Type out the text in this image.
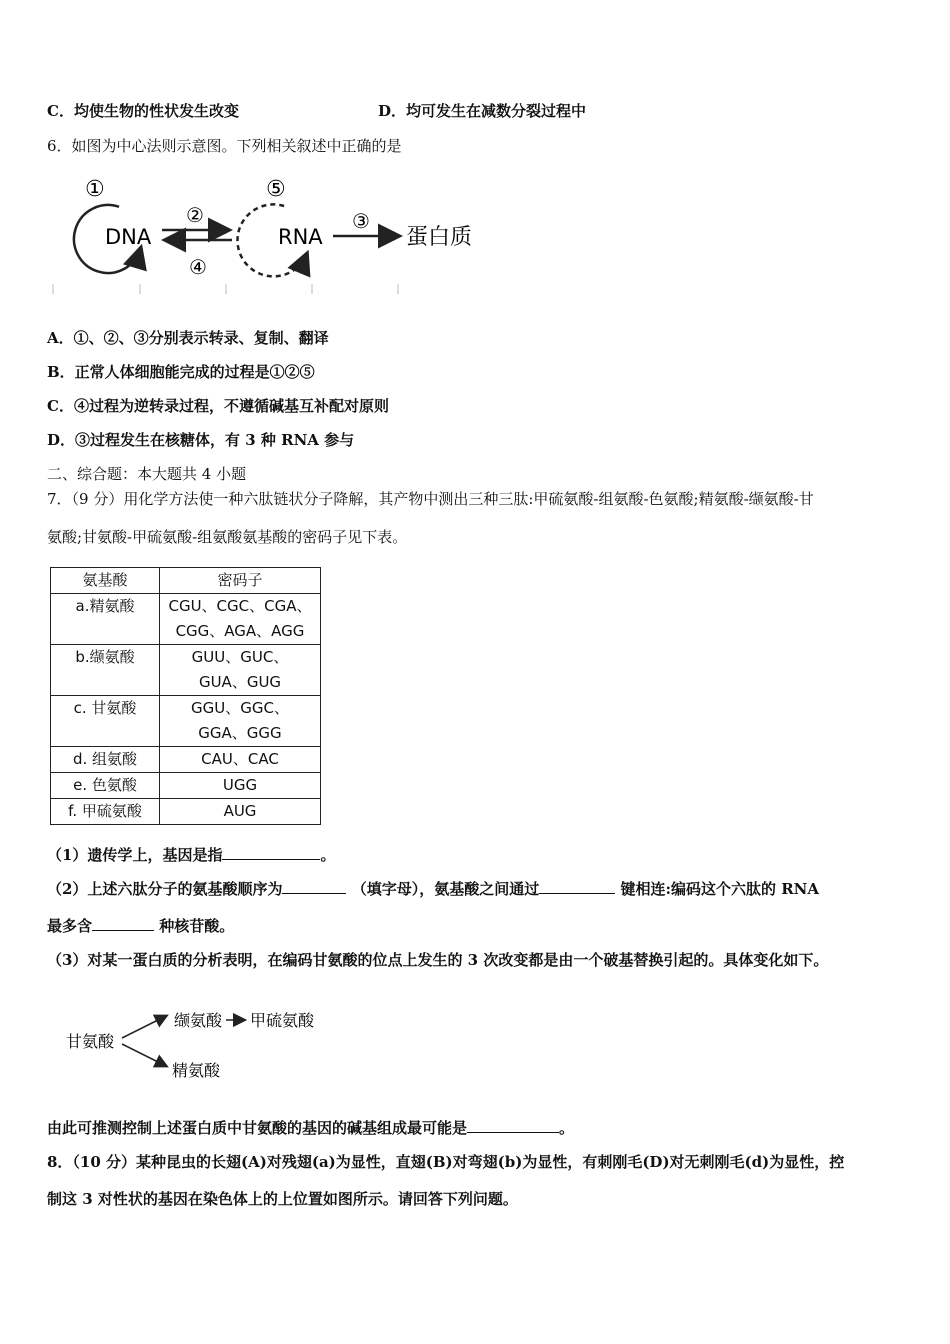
C．均使生物的性状发生改变	D．均可发生在减数分裂过程中
6．如图为中心法则示意图。下列相关叙述中正确的是
①
DNA
②
④
⑤
RNA
③
蛋白质
A．①、②、③分别表示转录、复制、翻译
B．正常人体细胞能完成的过程是①②⑤
C．④过程为逆转录过程，不遵循碱基互补配对原则
D．③过程发生在核糖体，有 3 种 RNA 参与
二、综合题：本大题共 4 小题
7．（9 分）用化学方法使一种六肽链状分子降解，其产物中测出三种三肽:甲硫氨酸-组氨酸-色氨酸;精氨酸-缬氨酸-甘
氨酸;甘氨酸-甲硫氨酸-组氨酸氨基酸的密码子见下表。
氨基酸	密码子
a.精氨酸	CGU、CGC、CGA、
CGG、AGA、AGG

b.缬氨酸	GUU、GUC、
GUA、GUG

c. 甘氨酸	GGU、GGC、
GGA、GGG

d. 组氨酸	CAU、CAC
e. 色氨酸	UGG
f. 甲硫氨酸	AUG
（1）遗传学上，基因是指	。
（2）上述六肽分子的氨基酸顺序为	（填字母），氨基酸之间通过	键相连:编码这个六肽的 RNA
最多含	种核苷酸。
（3）对某一蛋白质的分析表明，在编码甘氨酸的位点上发生的 3 次改变都是由一个破基替换引起的。具体变化如下。
甘氨酸
缬氨酸 甲硫氨酸
精氨酸
由此可推测控制上述蛋白质中甘氨酸的基因的碱基组成最可能是	。
8．（10 分）某种昆虫的长翅(A)对残翅(a)为显性，直翅(B)对弯翅(b)为显性，有刺刚毛(D)对无刺刚毛(d)为显性，控
制这 3 对性状的基因在染色体上的上位置如图所示。请回答下列问题。
